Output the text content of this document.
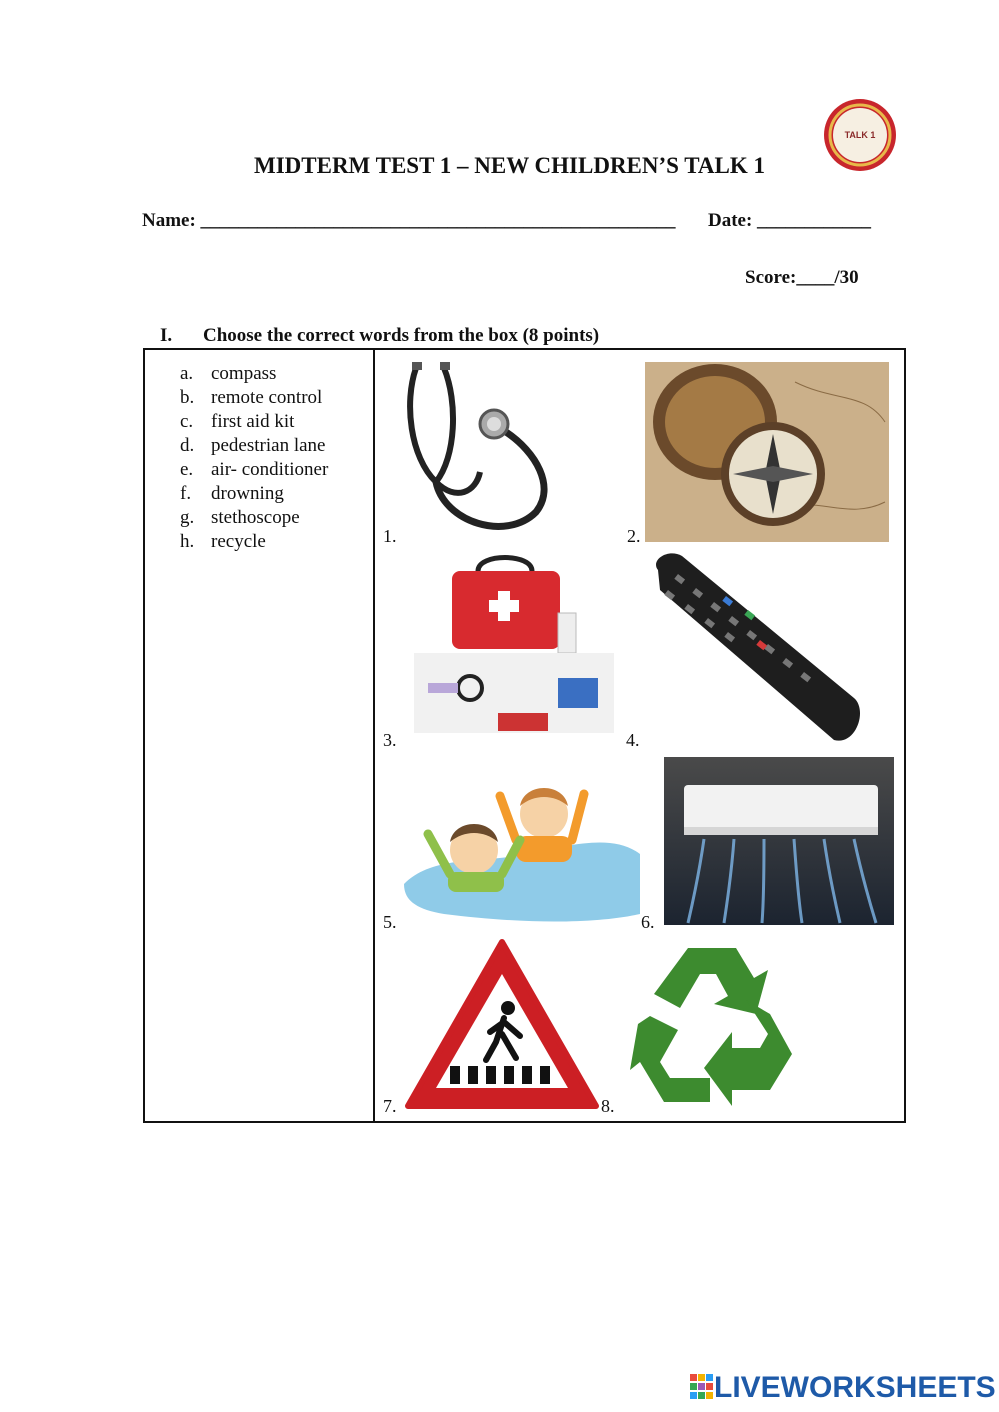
MIDTERM TEST 1 – NEW CHILDREN’S TALK 1
TALK 1
Name: __________________________________________________ Date: ____________
Score:____/30
I. Choose the correct words from the box (8 points)
a. compass
b. remote control
c. first aid kit
d. pedestrian lane
e. air- conditioner
f.	drowning
g. stethoscope
h. recycle	1.	2.
3.	4.
5.	6.
7.	8.
LIVEWORKSHEETS
